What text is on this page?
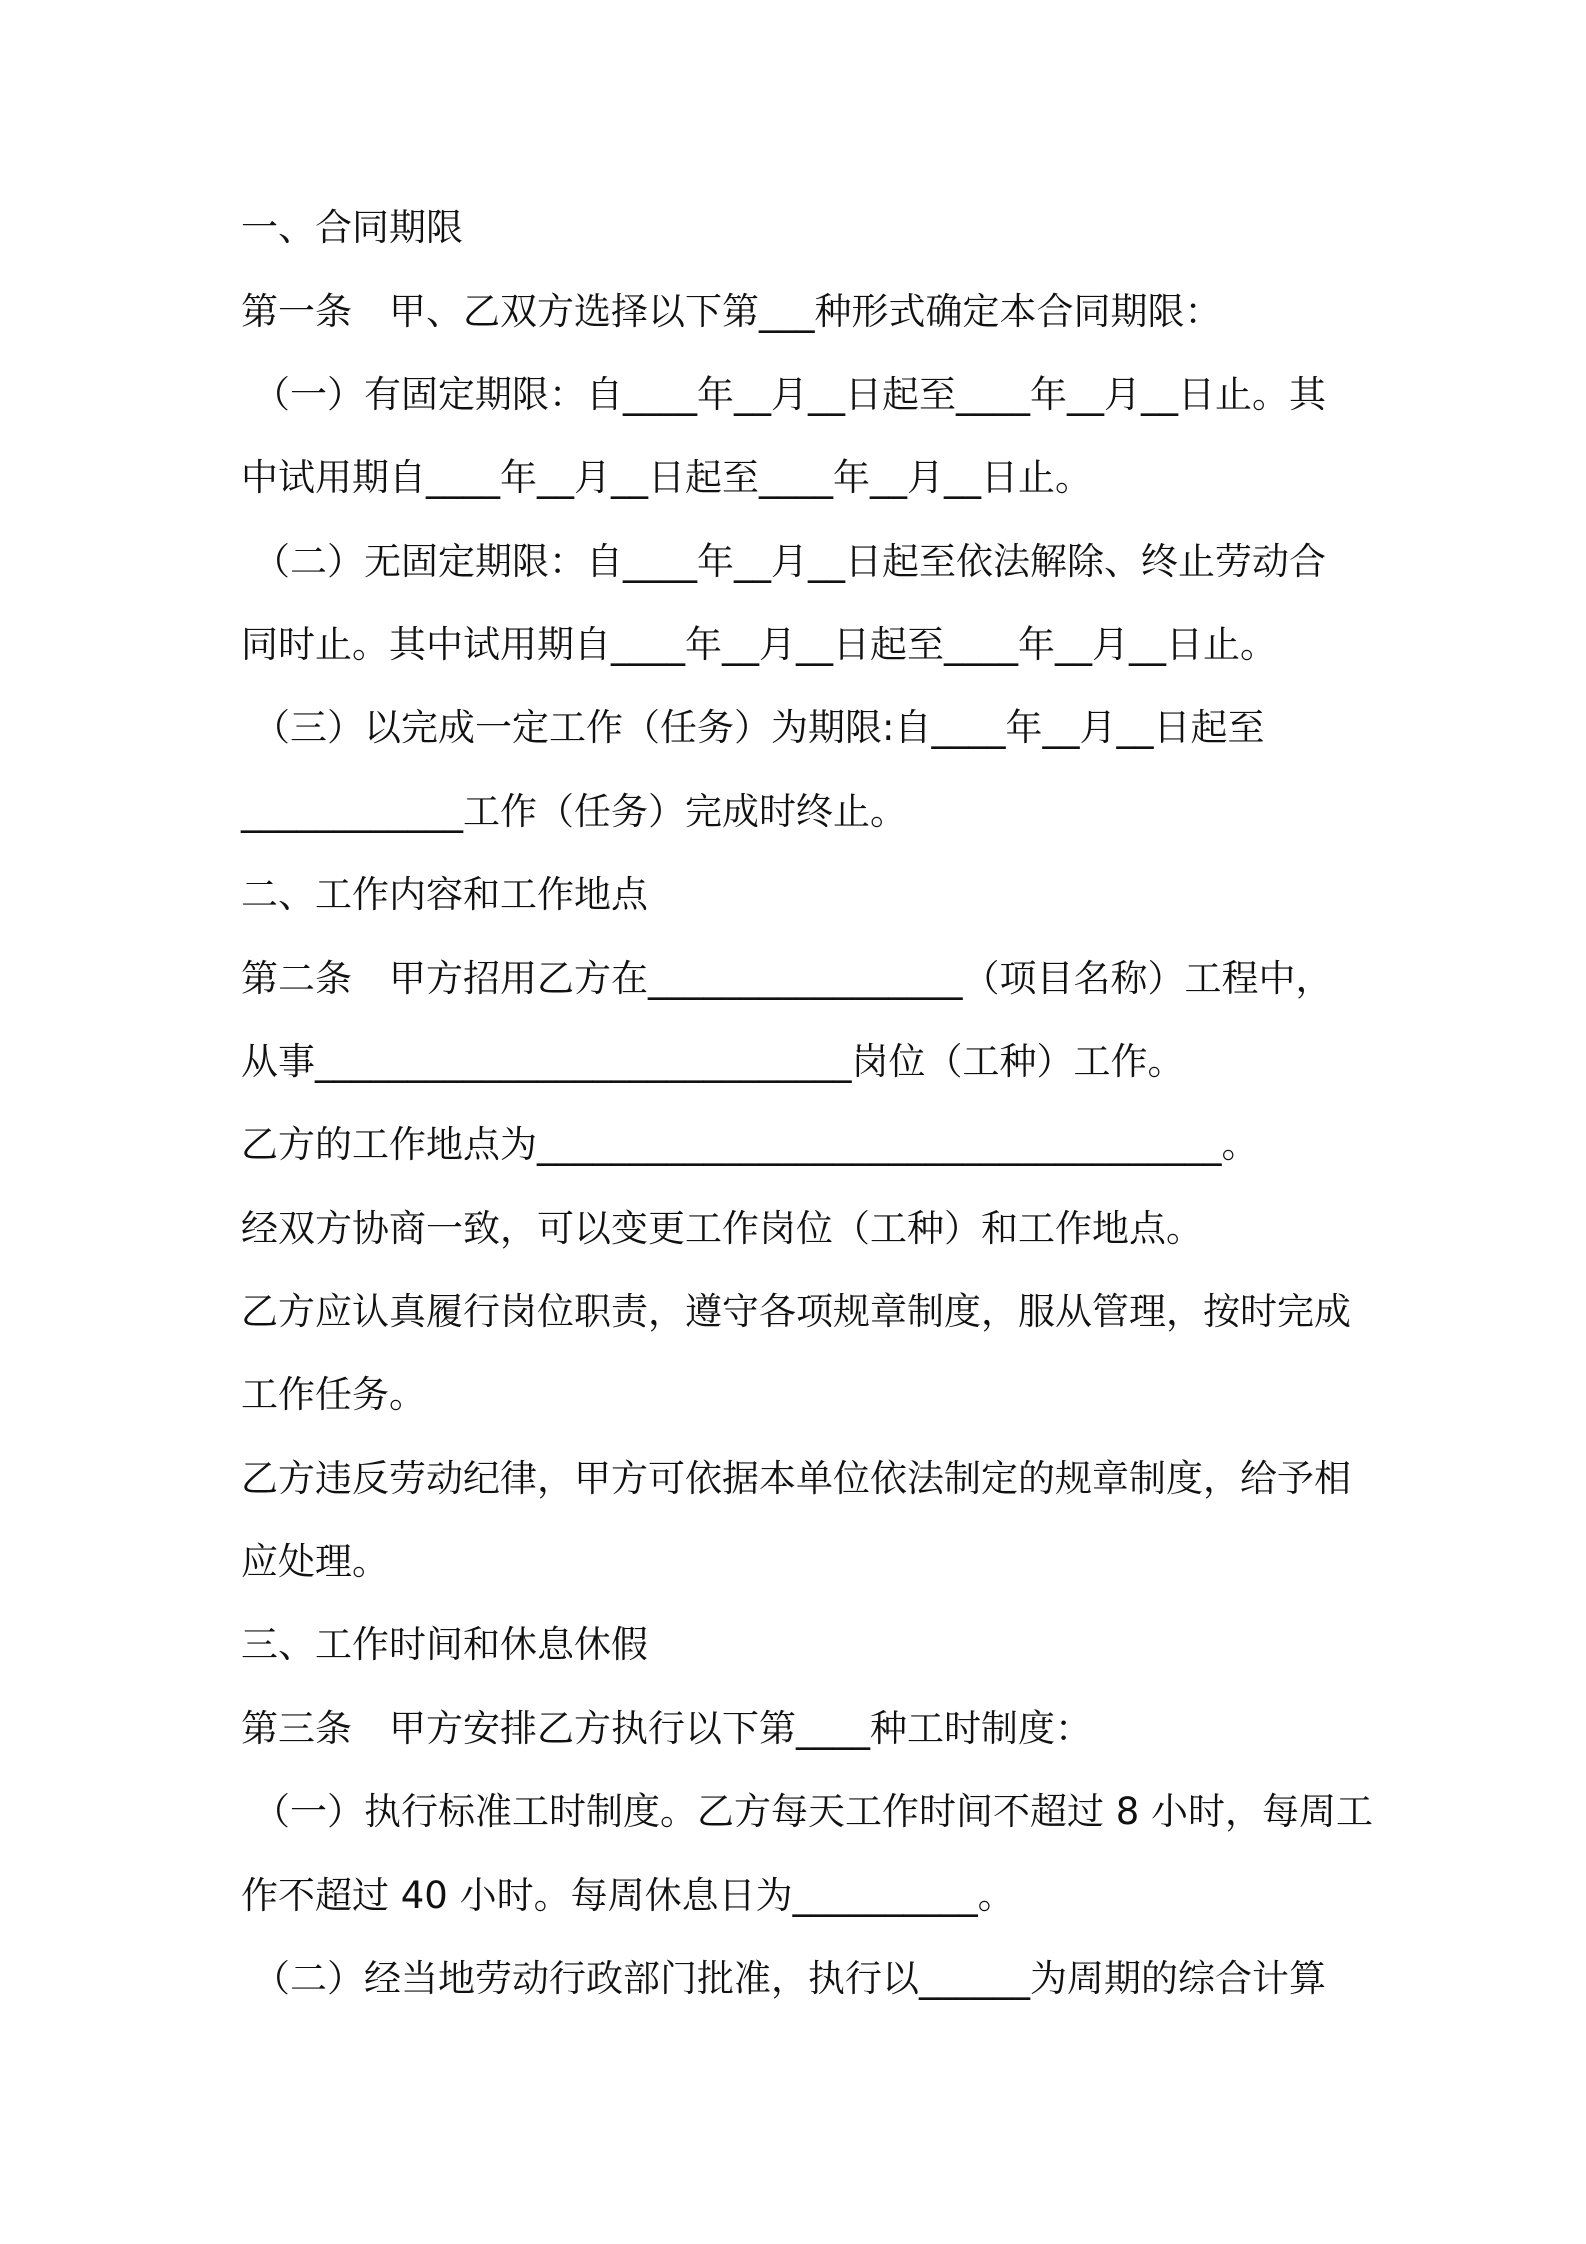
一、合同期限

第一条　甲、乙双方选择以下第___种形式确定本合同期限：

（一）有固定期限：自____年__月__日起至____年__月__日止。其

中试用期自____年__月__日起至____年__月__日止。

（二）无固定期限：自____年__月__日起至依法解除、终止劳动合

同时止。其中试用期自____年__月__日起至____年__月__日止。

（三）以完成一定工作（任务）为期限:自____年__月__日起至

____________工作（任务）完成时终止。

二、工作内容和工作地点

第二条　甲方招用乙方在_________________（项目名称）工程中，

从事_____________________________岗位（工种）工作。

乙方的工作地点为_____________________________________。

经双方协商一致，可以变更工作岗位（工种）和工作地点。

乙方应认真履行岗位职责，遵守各项规章制度，服从管理，按时完成

工作任务。

乙方违反劳动纪律，甲方可依据本单位依法制定的规章制度，给予相

应处理。

三、工作时间和休息休假

第三条　甲方安排乙方执行以下第____种工时制度：

（一）执行标准工时制度。乙方每天工作时间不超过 8 小时，每周工

作不超过 40 小时。每周休息日为__________。

（二）经当地劳动行政部门批准，执行以______为周期的综合计算
